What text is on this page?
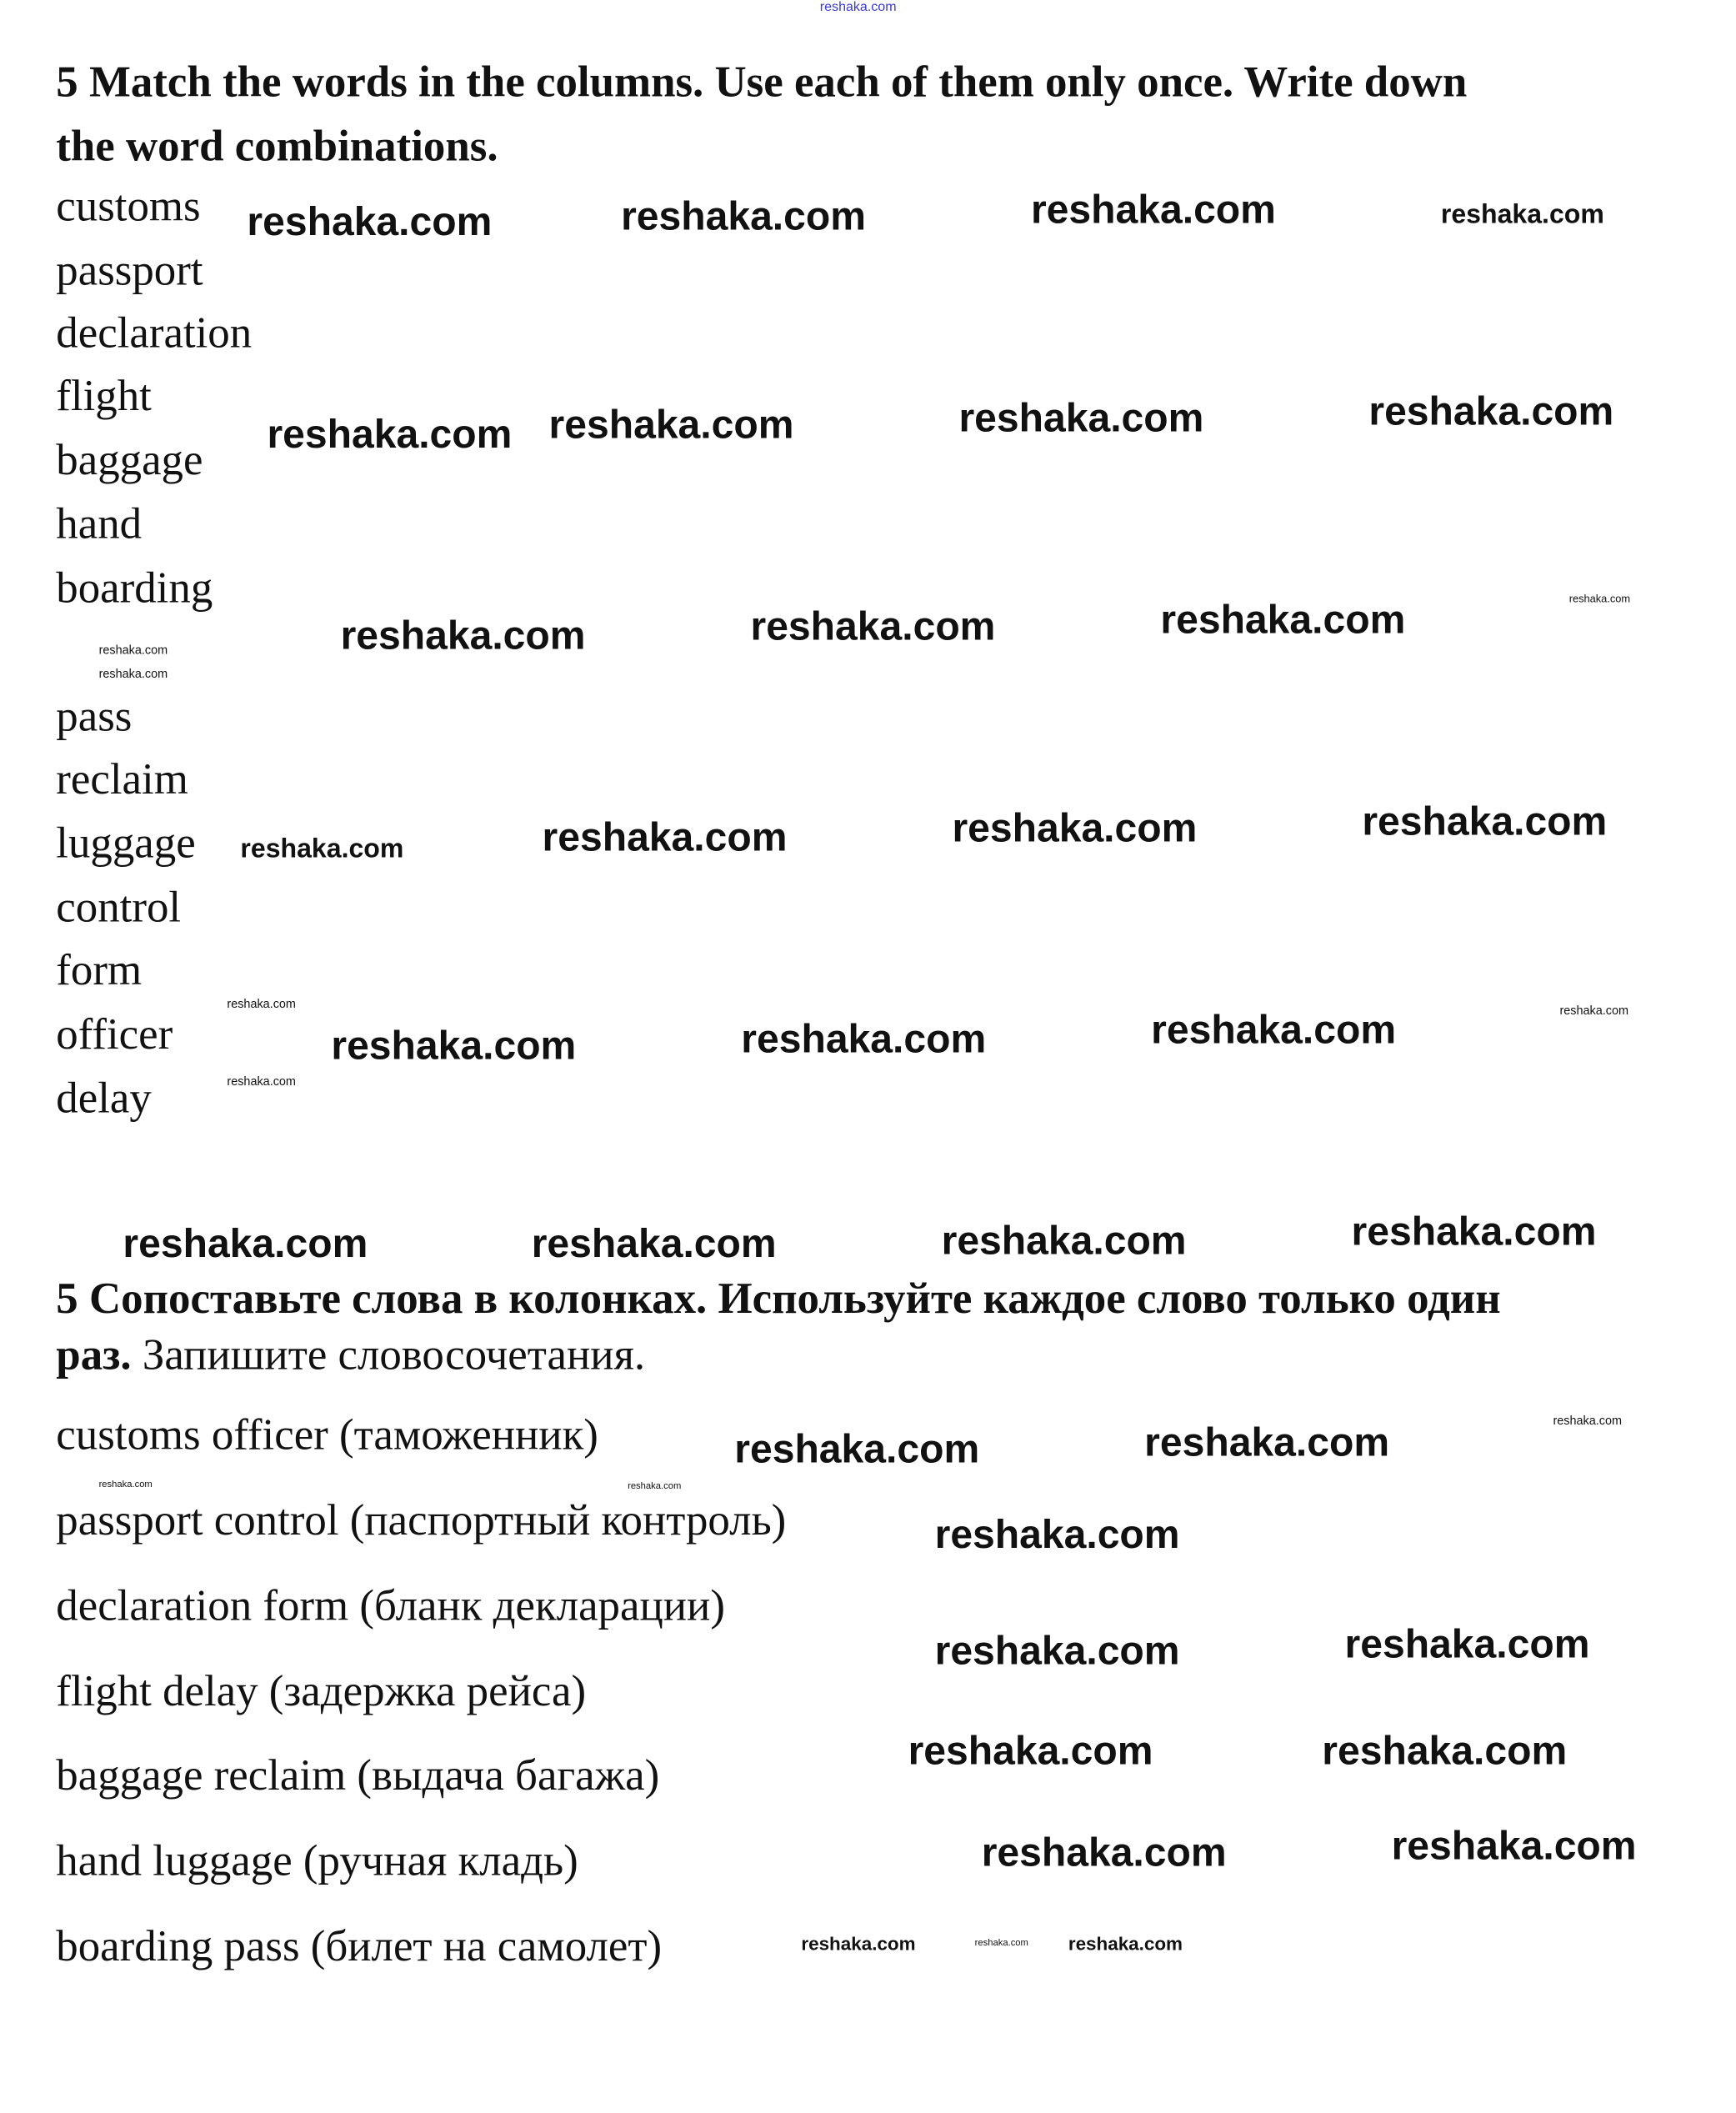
reshaka.com
5 Match the words in the columns. Use each of them only once. Write down
the word combinations.
5 Сопоставьте слова в колонках. Используйте каждое слово только один
раз. Запишите словосочетания.
customs
passport
declaration
flight
baggage
hand
boarding
pass
reclaim
luggage
control
form
officer
delay
customs officer (таможенник)
passport control (паспортный контроль)
declaration form (бланк декларации)
flight delay (задержка рейса)
baggage reclaim (выдача багажа)
hand luggage (ручная кладь)
boarding pass (билет на самолет)
reshaka.com	reshaka.com	reshaka.com	reshaka.com
reshaka.com reshaka.com	reshaka.com	reshaka.com
reshaka.com	reshaka.com	reshaka.com	reshaka.com
reshaka.com
reshaka.com
reshaka.com	reshaka.com	reshaka.com	reshaka.com
reshaka.com
reshaka.com
reshaka.com	reshaka.com	reshaka.com	reshaka.com
reshaka.com	reshaka.com	reshaka.com	reshaka.com
reshaka.com	reshaka.com
reshaka.com
reshaka.com
reshaka.com
reshaka.com
reshaka.com	reshaka.com
reshaka.com	reshaka.com
reshaka.com	reshaka.com
reshaka.com	reshaka.com	reshaka.com
